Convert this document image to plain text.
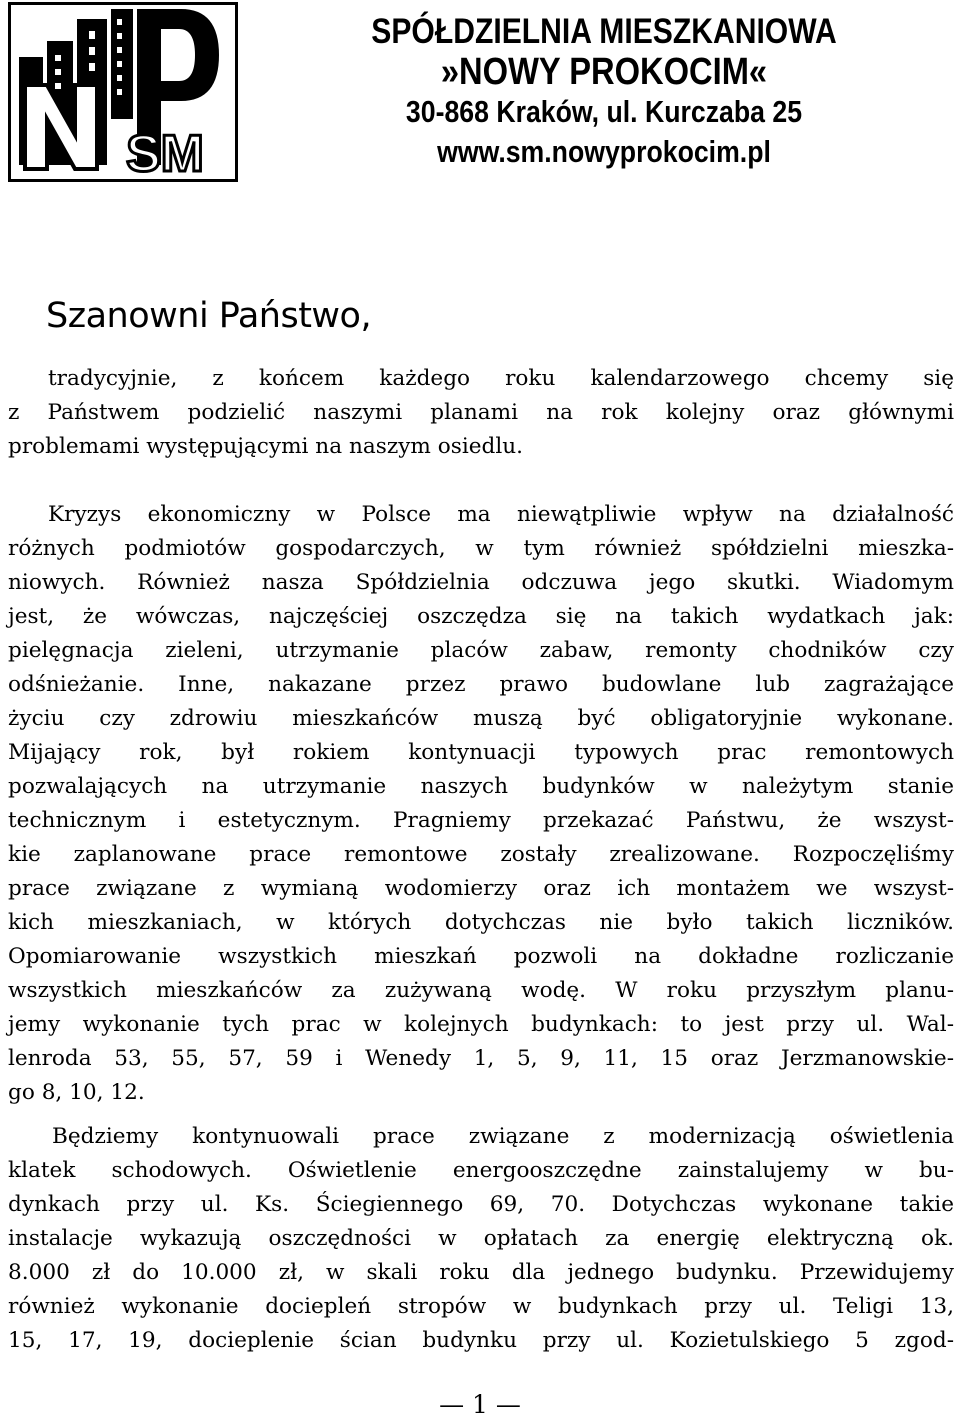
SM
SPÓŁDZIELNIA MIESZKANIOWA
»NOWY PROKOCIM«
30-868 Kraków, ul. Kurczaba 25
www.sm.nowyprokocim.pl
Szanowni Państwo,
tradycyjnie, z końcem każdego roku kalendarzowego chcemy się
z Państwem podzielić naszymi planami na rok kolejny oraz głównymi
problemami występującymi na naszym osiedlu.
Kryzys ekonomiczny w Polsce ma niewątpliwie wpływ na działalność
różnych podmiotów gospodarczych, w tym również spółdzielni mieszka-
niowych. Również nasza Spółdzielnia odczuwa jego skutki. Wiadomym
jest, że wówczas, najczęściej oszczędza się na takich wydatkach jak:
pielęgnacja zieleni, utrzymanie placów zabaw, remonty chodników czy
odśnieżanie. Inne, nakazane przez prawo budowlane lub zagrażające
życiu czy zdrowiu mieszkańców muszą być obligatoryjnie wykonane.
Mijający rok, był rokiem kontynuacji typowych prac remontowych
pozwalających na utrzymanie naszych budynków w należytym stanie
technicznym i estetycznym. Pragniemy przekazać Państwu, że wszyst-
kie zaplanowane prace remontowe zostały zrealizowane. Rozpoczęliśmy
prace związane z wymianą wodomierzy oraz ich montażem we wszyst-
kich mieszkaniach, w których dotychczas nie było takich liczników.
Opomiarowanie wszystkich mieszkań pozwoli na dokładne rozliczanie
wszystkich mieszkańców za zużywaną wodę. W roku przyszłym planu-
jemy wykonanie tych prac w kolejnych budynkach: to jest przy ul. Wal-
lenroda 53, 55, 57, 59 i Wenedy 1, 5, 9, 11, 15 oraz Jerzmanowskie-
go 8, 10, 12.
Będziemy kontynuowali prace związane z modernizacją oświetlenia
klatek schodowych. Oświetlenie energooszczędne zainstalujemy w bu-
dynkach przy ul. Ks. Ściegiennego 69, 70. Dotychczas wykonane takie
instalacje wykazują oszczędności w opłatach za energię elektryczną ok.
8.000 zł do 10.000 zł, w skali roku dla jednego budynku. Przewidujemy
również wykonanie dociepleń stropów w budynkach przy ul. Teligi 13,
15, 17, 19, docieplenie ścian budynku przy ul. Kozietulskiego 5 zgod-
— 1 —
